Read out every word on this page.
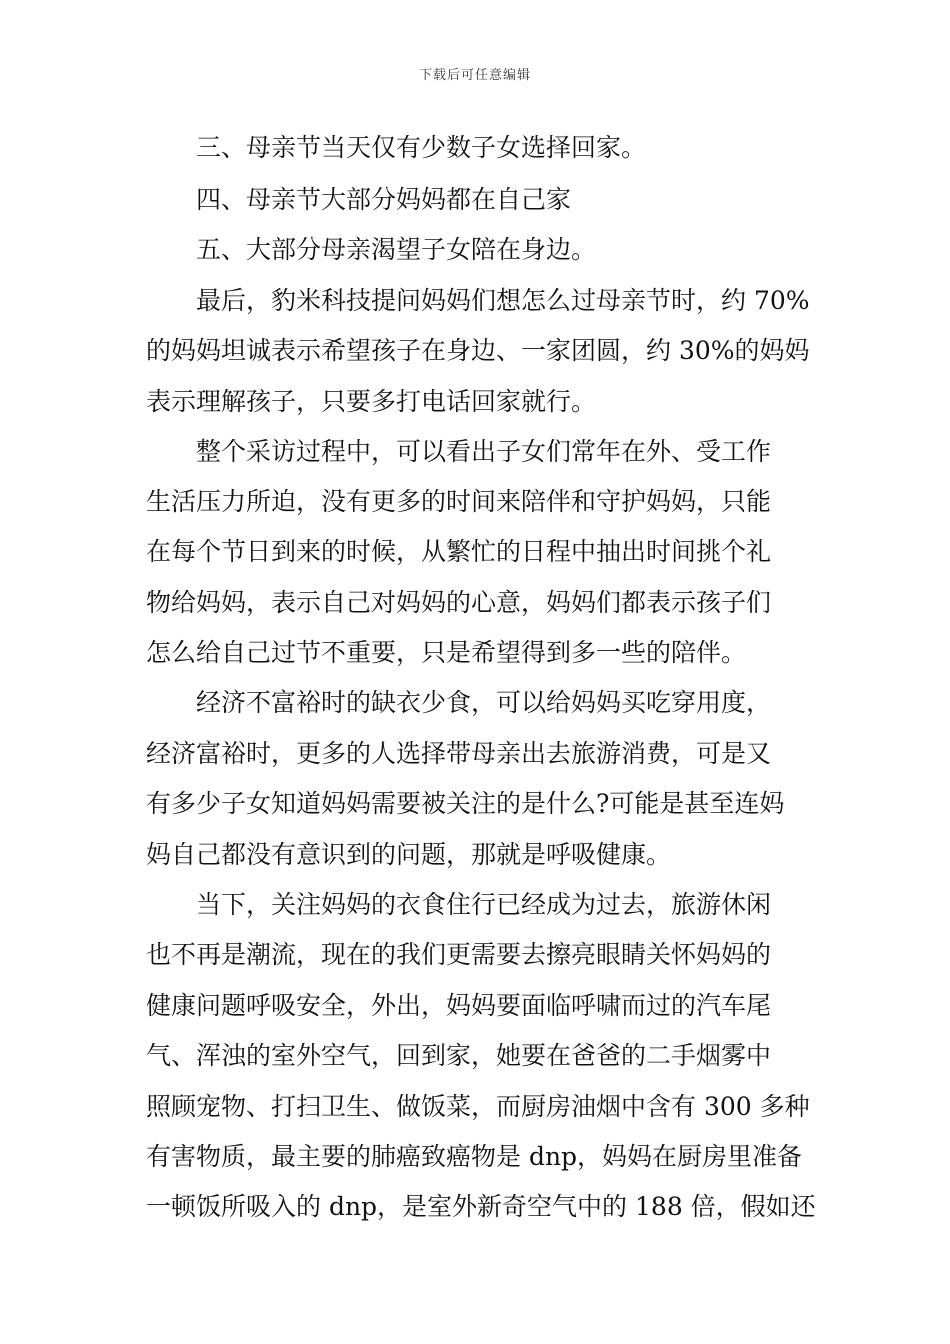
下载后可任意编辑
三、母亲节当天仅有少数子女选择回家。
四、母亲节大部分妈妈都在自己家
五、大部分母亲渴望子女陪在身边。
最后，豹米科技提问妈妈们想怎么过母亲节时，约 70%
的妈妈坦诚表示希望孩子在身边、一家团圆，约 30%的妈妈
表示理解孩子，只要多打电话回家就行。
整个采访过程中，可以看出子女们常年在外、受工作
生活压力所迫，没有更多的时间来陪伴和守护妈妈，只能
在每个节日到来的时候，从繁忙的日程中抽出时间挑个礼
物给妈妈，表示自己对妈妈的心意，妈妈们都表示孩子们
怎么给自己过节不重要，只是希望得到多一些的陪伴。
经济不富裕时的缺衣少食，可以给妈妈买吃穿用度，
经济富裕时，更多的人选择带母亲出去旅游消费，可是又
有多少子女知道妈妈需要被关注的是什么?可能是甚至连妈
妈自己都没有意识到的问题，那就是呼吸健康。
当下，关注妈妈的衣食住行已经成为过去，旅游休闲
也不再是潮流，现在的我们更需要去擦亮眼睛关怀妈妈的
健康问题呼吸安全，外出，妈妈要面临呼啸而过的汽车尾
气、浑浊的室外空气，回到家，她要在爸爸的二手烟雾中
照顾宠物、打扫卫生、做饭菜，而厨房油烟中含有 300 多种
有害物质，最主要的肺癌致癌物是 dnp，妈妈在厨房里准备
一顿饭所吸入的 dnp，是室外新奇空气中的 188 倍，假如还
